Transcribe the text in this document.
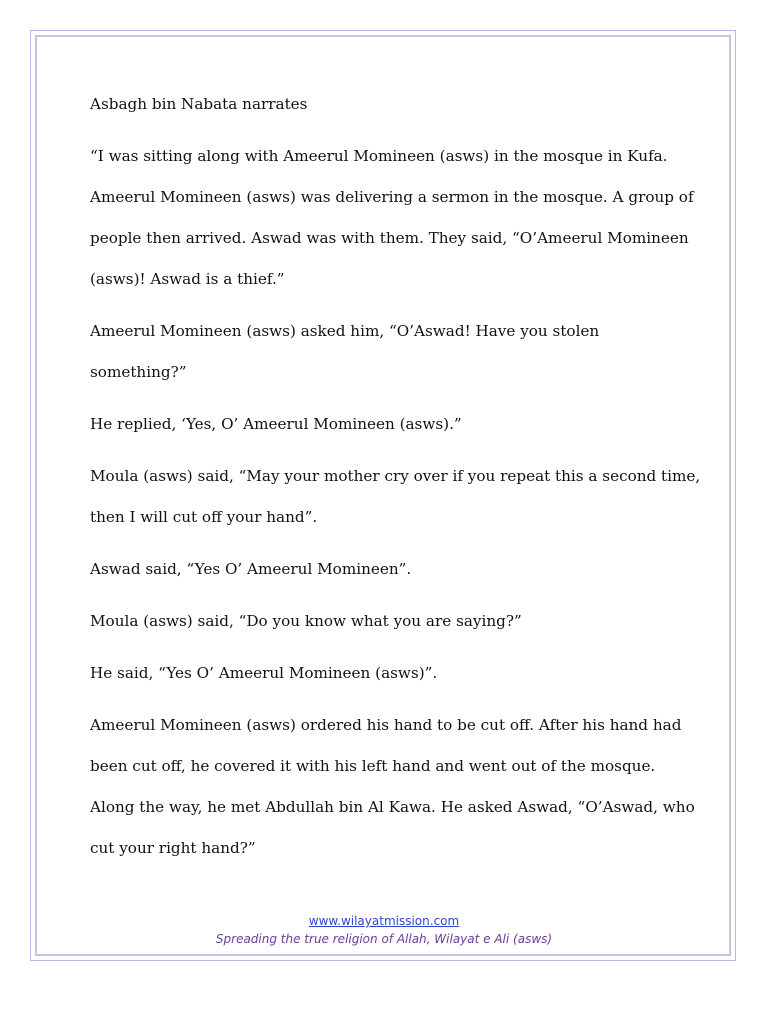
Asbagh bin Nabata narrates
“I was sitting along with Ameerul Momineen (asws) in the mosque in Kufa.
Ameerul Momineen (asws) was delivering a sermon in the mosque. A group of
people then arrived. Aswad was with them. They said, “O’Ameerul Momineen
(asws)! Aswad is a thief.”
Ameerul Momineen (asws) asked him, “O’Aswad! Have you stolen
something?”
He replied, ‘Yes, O’ Ameerul Momineen (asws).”
Moula (asws) said, “May your mother cry over if you repeat this a second time,
then I will cut off your hand”.
Aswad said, “Yes O’ Ameerul Momineen”.
Moula (asws) said, “Do you know what you are saying?”
He said, “Yes O’ Ameerul Momineen (asws)”.
Ameerul Momineen (asws) ordered his hand to be cut off. After his hand had
been cut off, he covered it with his left hand and went out of the mosque.
Along the way, he met Abdullah bin Al Kawa. He asked Aswad, “O’Aswad, who
cut your right hand?”
www.wilayatmission.com
Spreading the true religion of Allah, Wilayat e Ali (asws)
